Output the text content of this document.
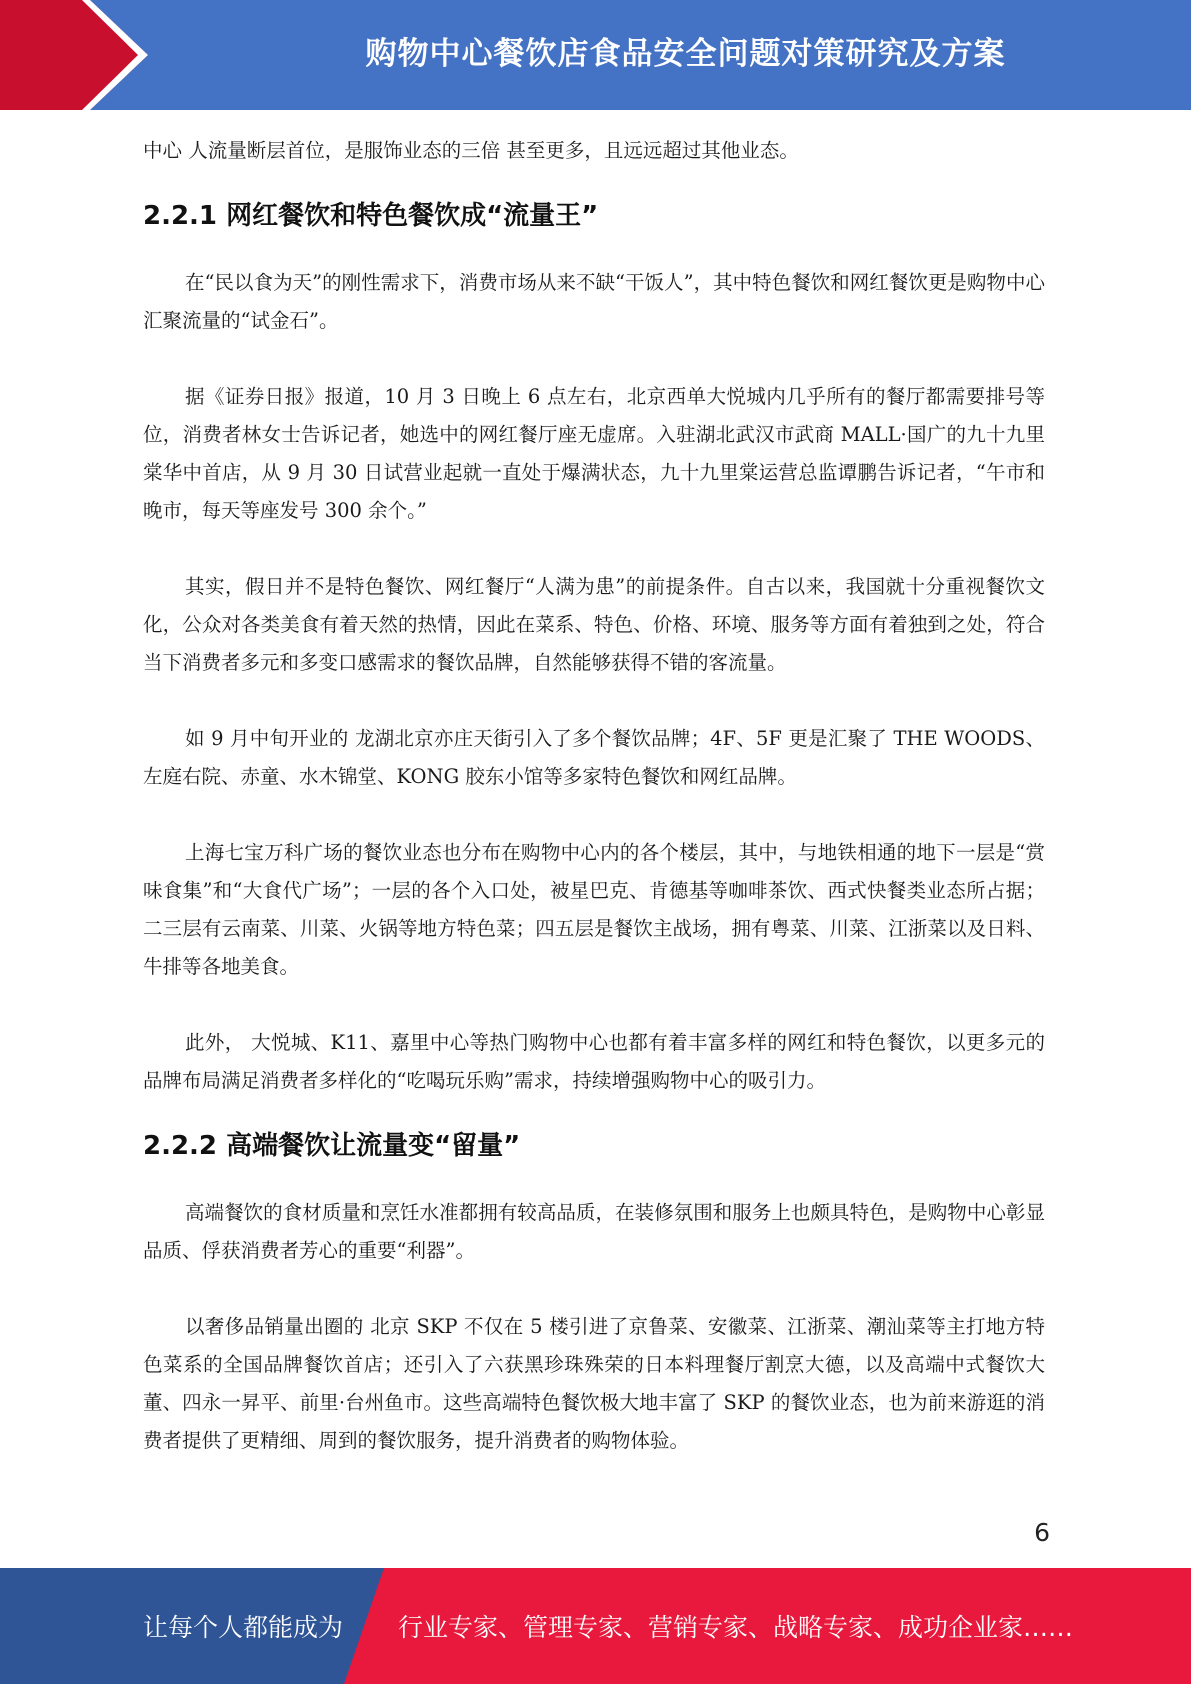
购物中心餐饮店食品安全问题对策研究及方案

中心 人流量断层首位，是服饰业态的三倍 甚至更多，且远远超过其他业态。

2.2.1 网红餐饮和特色餐饮成“流量王”

在“民以食为天”的刚性需求下，消费市场从来不缺“干饭人”，其中特色餐饮和网红餐饮更是购物中心汇聚流量的“试金石”。

据《证券日报》报道，10 月 3 日晚上 6 点左右，北京西单大悦城内几乎所有的餐厅都需要排号等位，消费者林女士告诉记者，她选中的网红餐厅座无虚席。入驻湖北武汉市武商 MALL·国广的九十九里棠华中首店，从 9 月 30 日试营业起就一直处于爆满状态，九十九里棠运营总监谭鹏告诉记者，“午市和晚市，每天等座发号 300 余个。”

其实，假日并不是特色餐饮、网红餐厅“人满为患”的前提条件。自古以来，我国就十分重视餐饮文化，公众对各类美食有着天然的热情，因此在菜系、特色、价格、环境、服务等方面有着独到之处，符合当下消费者多元和多变口感需求的餐饮品牌，自然能够获得不错的客流量。

如 9 月中旬开业的 龙湖北京亦庄天街引入了多个餐饮品牌；4F、5F 更是汇聚了 THE WOODS、左庭右院、赤童、水木锦堂、KONG 胶东小馆等多家特色餐饮和网红品牌。

上海七宝万科广场的餐饮业态也分布在购物中心内的各个楼层，其中，与地铁相通的地下一层是“赏味食集”和“大食代广场”；一层的各个入口处，被星巴克、肯德基等咖啡茶饮、西式快餐类业态所占据；二三层有云南菜、川菜、火锅等地方特色菜；四五层是餐饮主战场，拥有粤菜、川菜、江浙菜以及日料、牛排等各地美食。

此外， 大悦城、K11、嘉里中心等热门购物中心也都有着丰富多样的网红和特色餐饮，以更多元的品牌布局满足消费者多样化的“吃喝玩乐购”需求，持续增强购物中心的吸引力。

2.2.2 高端餐饮让流量变“留量”

高端餐饮的食材质量和烹饪水准都拥有较高品质，在装修氛围和服务上也颇具特色，是购物中心彰显品质、俘获消费者芳心的重要“利器”。

以奢侈品销量出圈的 北京 SKP 不仅在 5 楼引进了京鲁菜、安徽菜、江浙菜、潮汕菜等主打地方特色菜系的全国品牌餐饮首店；还引入了六获黑珍珠殊荣的日本料理餐厅割烹大德，以及高端中式餐饮大董、四永一昇平、前里·台州鱼市。这些高端特色餐饮极大地丰富了 SKP 的餐饮业态，也为前来游逛的消费者提供了更精细、周到的餐饮服务，提升消费者的购物体验。

6
让每个人都能成为 行业专家、管理专家、营销专家、战略专家、成功企业家……
